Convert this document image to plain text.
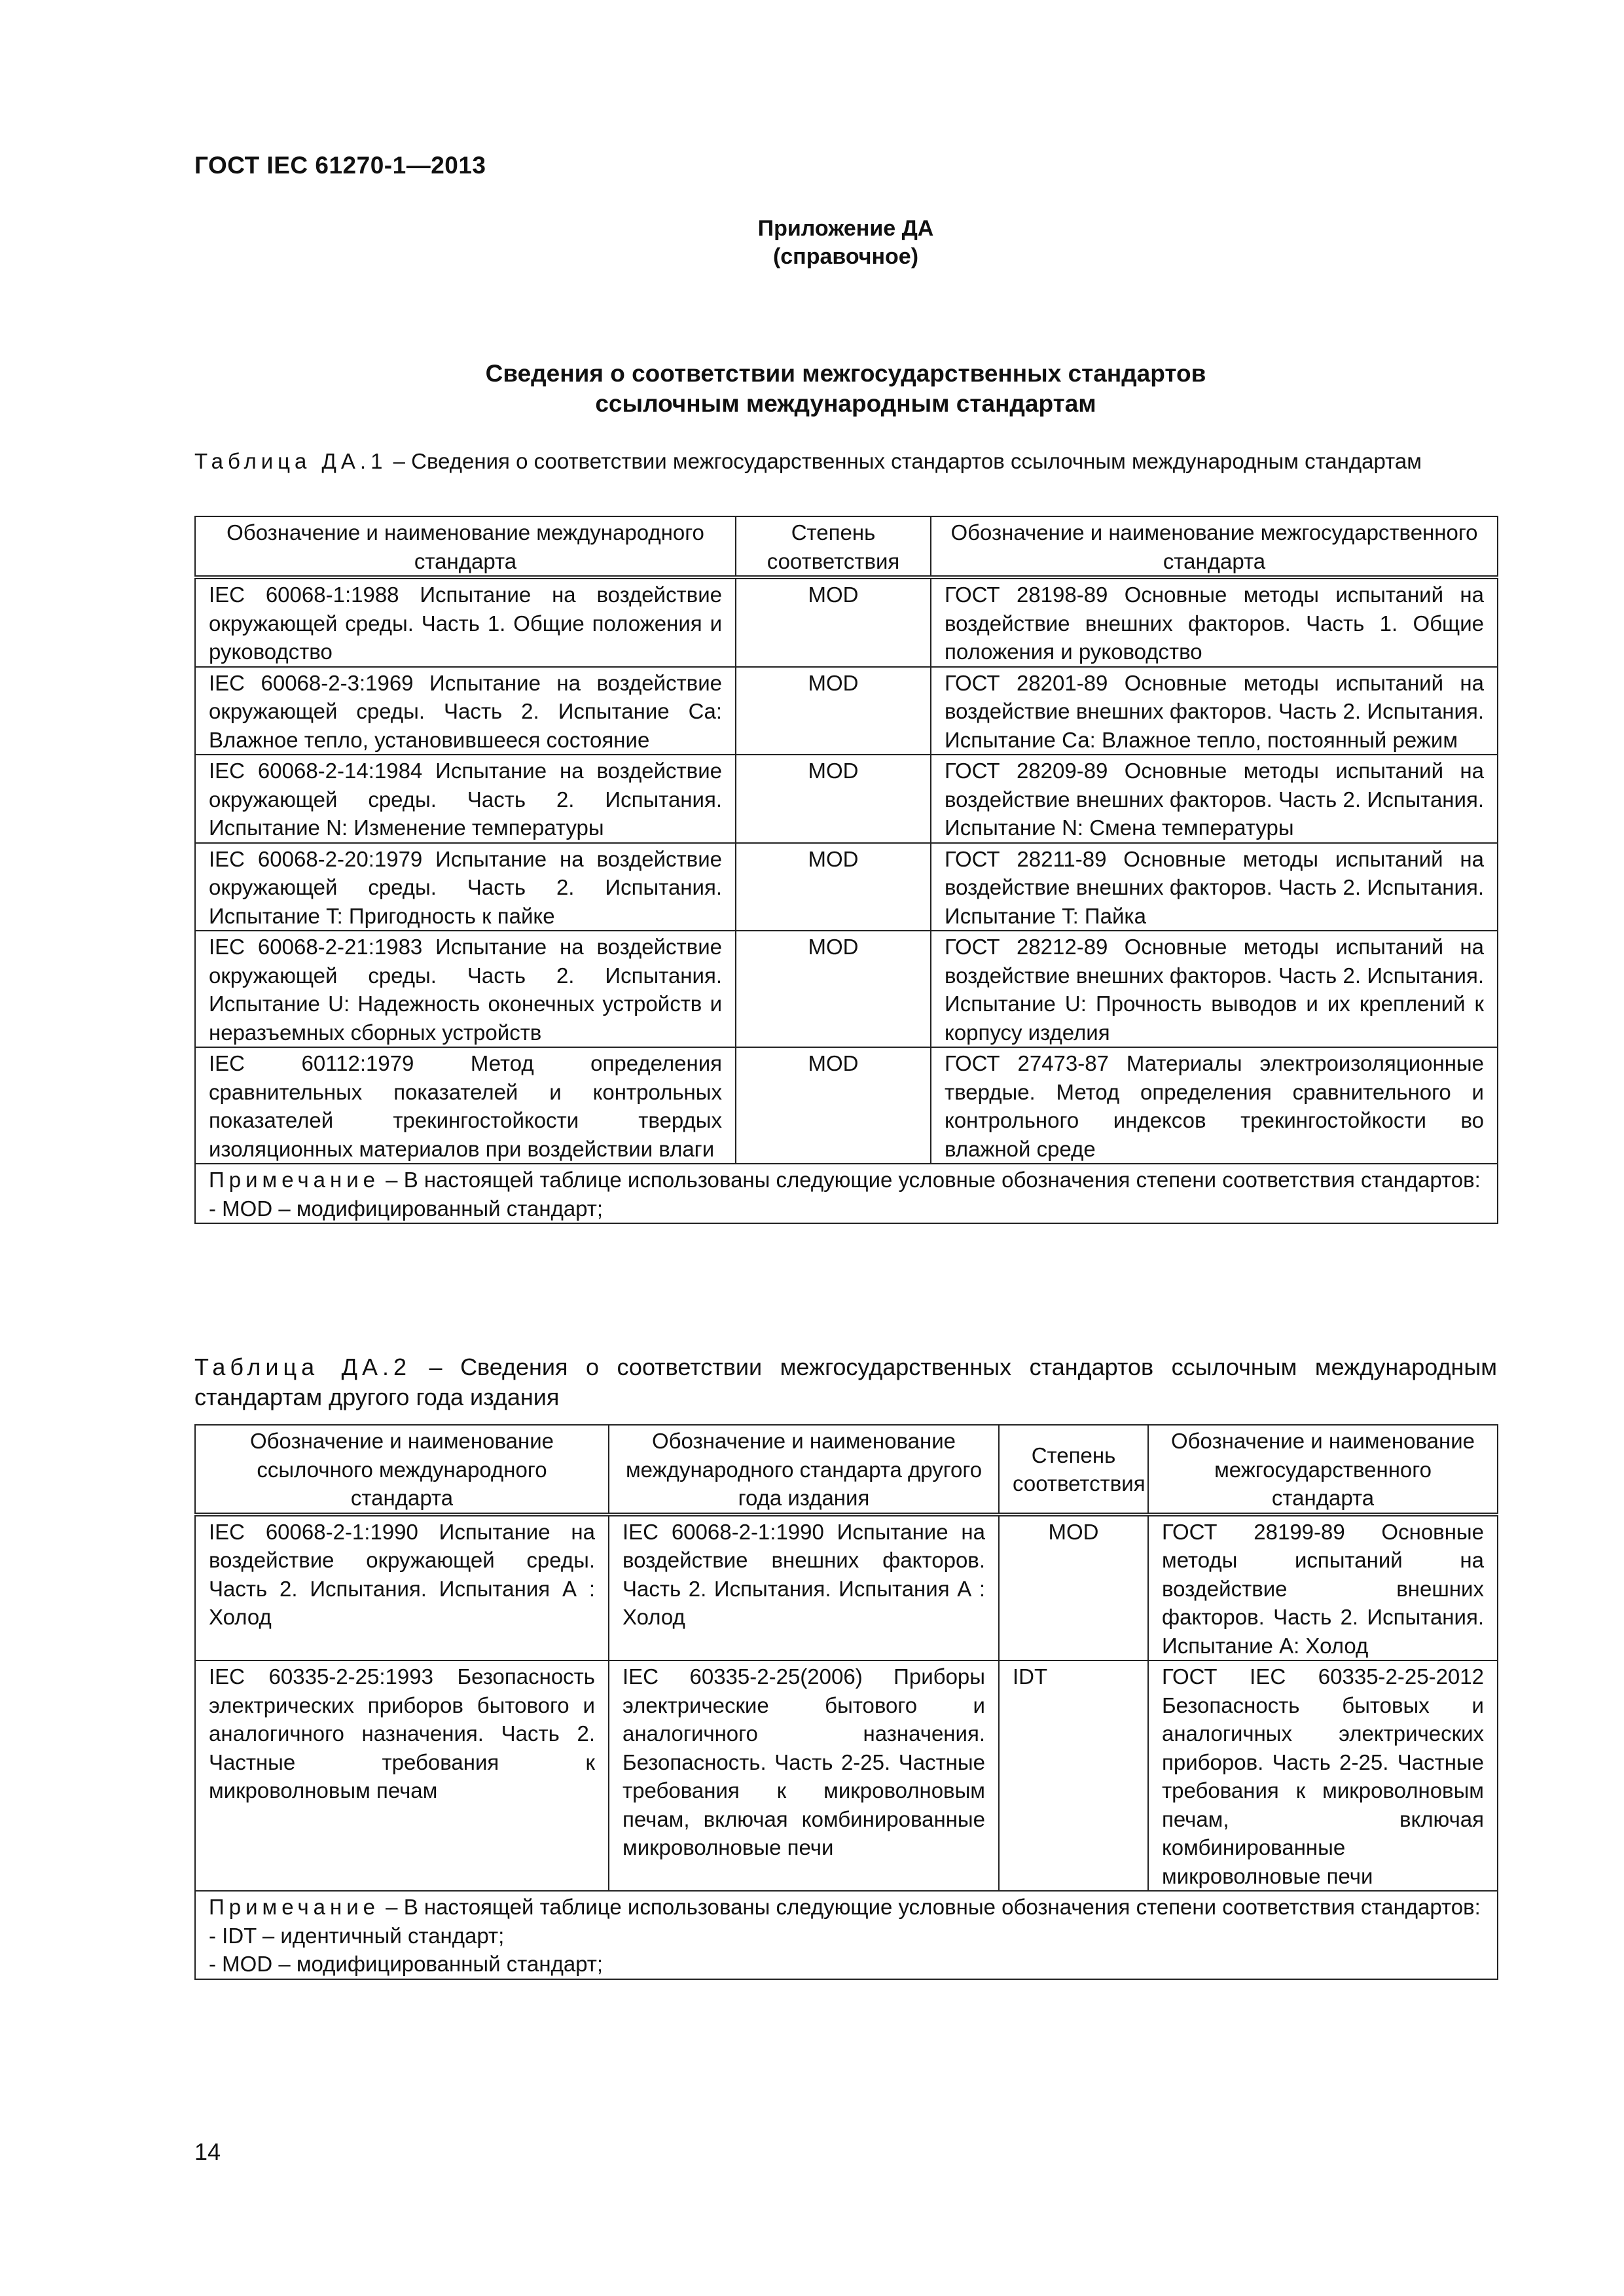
ГОСТ IEC 61270-1—2013
Приложение ДА
(справочное)
Сведения о соответствии межгосударственных стандартов
ссылочным международным стандартам
Таблица ДА.1 – Сведения о соответствии межгосударственных стандартов ссылочным международным стандартам
Обозначение и наименование международного стандарта	Степень соответствия	Обозначение и наименование межгосударственного стандарта
IEC 60068-1:1988 Испытание на воздействие окружающей среды. Часть 1. Общие положения и руководство	MOD	ГОСТ 28198-89 Основные методы испытаний на воздействие внешних факторов. Часть 1. Общие положения и руководство
IEC 60068-2-3:1969 Испытание на воздействие окружающей среды. Часть 2. Испытание Ca: Влажное тепло, установившееся состояние	MOD	ГОСТ 28201-89 Основные методы испытаний на воздействие внешних факторов. Часть 2. Испытания. Испытание Са: Влажное тепло, постоянный режим
IEC 60068-2-14:1984 Испытание на воздействие окружающей среды. Часть 2. Испытания. Испытание N: Изменение температуры	MOD	ГОСТ 28209-89 Основные методы испытаний на воздействие внешних факторов. Часть 2. Испытания. Испытание N: Смена температуры
IEC 60068-2-20:1979 Испытание на воздействие окружающей среды. Часть 2. Испытания. Испытание T: Пригодность к пайке	MOD	ГОСТ 28211-89 Основные методы испытаний на воздействие внешних факторов. Часть 2. Испытания. Испытание T: Пайка
IEC 60068-2-21:1983 Испытание на воздействие окружающей среды. Часть 2. Испытания. Испытание U: Надежность оконечных устройств и неразъемных сборных устройств	MOD	ГОСТ 28212-89 Основные методы испытаний на воздействие внешних факторов. Часть 2. Испытания. Испытание U: Прочность выводов и их креплений к корпусу изделия
IEC 60112:1979 Метод определения сравнительных показателей и контрольных показателей трекингостойкости твердых изоляционных материалов при воздействии влаги	MOD	ГОСТ 27473-87 Материалы электроизоляционные твердые. Метод определения сравнительного и контрольного индексов трекингостойкости во влажной среде
Примечание – В настоящей таблице использованы следующие условные обозначения степени соответствия стандартов:
- MOD – модифицированный стандарт;		
Таблица ДА.2 – Сведения о соответствии межгосударственных стандартов ссылочным международным стандартам другого года издания
Обозначение и наименование ссылочного международного стандарта	Обозначение и наименование международного стандарта другого года издания	Степень соответствия	Обозначение и наименование межгосударственного стандарта
IEC 60068-2-1:1990 Испытание на воздействие окружающей среды. Часть 2. Испытания. Испытания А : Холод	IEC 60068-2-1:1990 Испытание на воздействие внешних факторов. Часть 2. Испытания. Испытания А : Холод	MOD	ГОСТ 28199-89 Основные методы испытаний на воздействие внешних факторов. Часть 2. Испытания. Испытание А: Холод
IEC 60335-2-25:1993 Безопасность электрических приборов бытового и аналогичного назначения. Часть 2. Частные требования к микроволновым печам	IEC 60335-2-25(2006) Приборы электрические бытового и аналогичного назначения. Безопасность. Часть 2-25. Частные требования к микроволновым печам, включая комбинированные микроволновые печи	IDT	ГОСТ IEC 60335-2-25-2012 Безопасность бытовых и аналогичных электрических приборов. Часть 2-25. Частные требования к микроволновым печам, включая комбинированные микроволновые печи
Примечание – В настоящей таблице использованы следующие условные обозначения степени соответствия стандартов:
- IDT – идентичный стандарт;
- MOD – модифицированный стандарт;			
14
